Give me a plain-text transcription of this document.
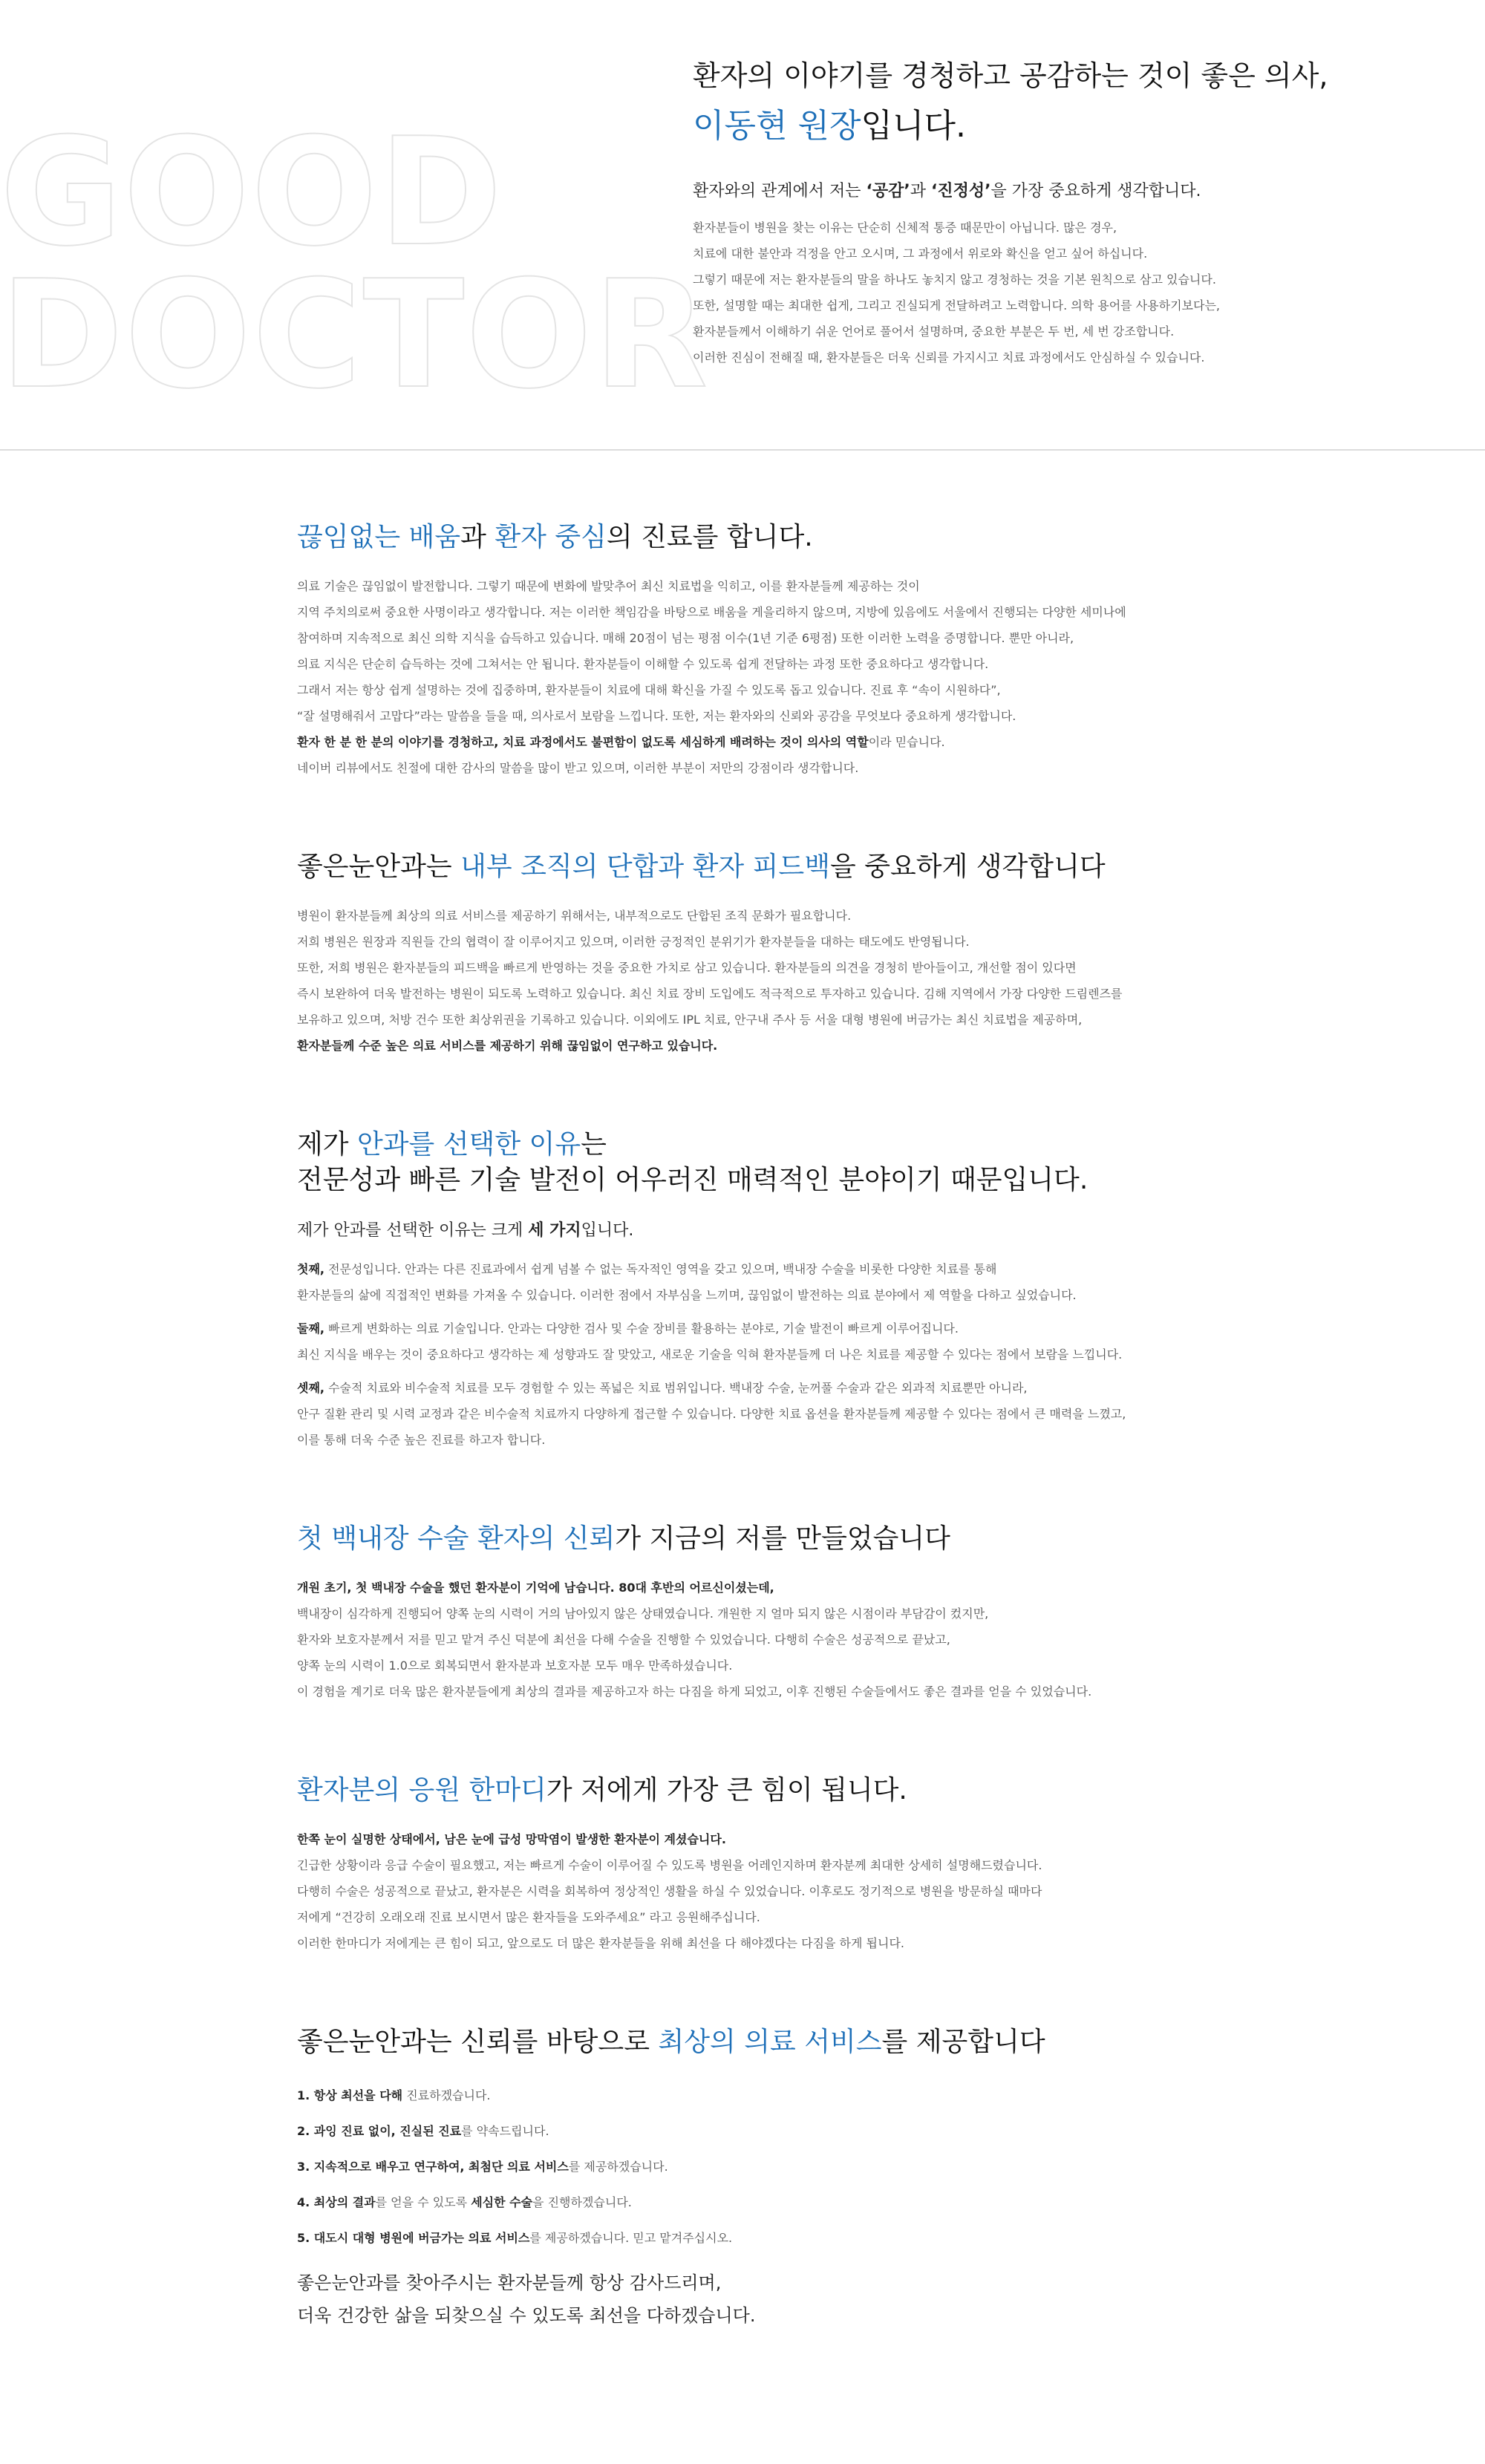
GOOD
DOCTOR

환자의 이야기를 경청하고 공감하는 것이 좋은 의사,

이동현 원장입니다.

환자와의 관계에서 저는 ‘공감’과 ‘진정성’을 가장 중요하게 생각합니다.

환자분들이 병원을 찾는 이유는 단순히 신체적 통증 때문만이 아닙니다. 많은 경우,

치료에 대한 불안과 걱정을 안고 오시며, 그 과정에서 위로와 확신을 얻고 싶어 하십니다.

그렇기 때문에 저는 환자분들의 말을 하나도 놓치지 않고 경청하는 것을 기본 원칙으로 삼고 있습니다.

또한, 설명할 때는 최대한 쉽게, 그리고 진실되게 전달하려고 노력합니다. 의학 용어를 사용하기보다는,

환자분들께서 이해하기 쉬운 언어로 풀어서 설명하며, 중요한 부분은 두 번, 세 번 강조합니다.

이러한 진심이 전해질 때, 환자분들은 더욱 신뢰를 가지시고 치료 과정에서도 안심하실 수 있습니다.

끊임없는 배움과 환자 중심의 진료를 합니다.

의료 기술은 끊임없이 발전합니다. 그렇기 때문에 변화에 발맞추어 최신 치료법을 익히고, 이를 환자분들께 제공하는 것이

지역 주치의로써 중요한 사명이라고 생각합니다. 저는 이러한 책임감을 바탕으로 배움을 게을리하지 않으며, 지방에 있음에도 서울에서 진행되는 다양한 세미나에

참여하며 지속적으로 최신 의학 지식을 습득하고 있습니다. 매해 20점이 넘는 평점 이수(1년 기준 6평점) 또한 이러한 노력을 증명합니다. 뿐만 아니라,

의료 지식은 단순히 습득하는 것에 그쳐서는 안 됩니다. 환자분들이 이해할 수 있도록 쉽게 전달하는 과정 또한 중요하다고 생각합니다.

그래서 저는 항상 쉽게 설명하는 것에 집중하며, 환자분들이 치료에 대해 확신을 가질 수 있도록 돕고 있습니다. 진료 후 “속이 시원하다”,

“잘 설명해줘서 고맙다”라는 말씀을 들을 때, 의사로서 보람을 느낍니다. 또한, 저는 환자와의 신뢰와 공감을 무엇보다 중요하게 생각합니다.

환자 한 분 한 분의 이야기를 경청하고, 치료 과정에서도 불편함이 없도록 세심하게 배려하는 것이 의사의 역할이라 믿습니다.

네이버 리뷰에서도 친절에 대한 감사의 말씀을 많이 받고 있으며, 이러한 부분이 저만의 강점이라 생각합니다.

좋은눈안과는 내부 조직의 단합과 환자 피드백을 중요하게 생각합니다

병원이 환자분들께 최상의 의료 서비스를 제공하기 위해서는, 내부적으로도 단합된 조직 문화가 필요합니다.

저희 병원은 원장과 직원들 간의 협력이 잘 이루어지고 있으며, 이러한 긍정적인 분위기가 환자분들을 대하는 태도에도 반영됩니다.

또한, 저희 병원은 환자분들의 피드백을 빠르게 반영하는 것을 중요한 가치로 삼고 있습니다. 환자분들의 의견을 경청히 받아들이고, 개선할 점이 있다면

즉시 보완하여 더욱 발전하는 병원이 되도록 노력하고 있습니다. 최신 치료 장비 도입에도 적극적으로 투자하고 있습니다. 김해 지역에서 가장 다양한 드림렌즈를

보유하고 있으며, 처방 건수 또한 최상위권을 기록하고 있습니다. 이외에도 IPL 치료, 안구내 주사 등 서울 대형 병원에 버금가는 최신 치료법을 제공하며,

환자분들께 수준 높은 의료 서비스를 제공하기 위해 끊임없이 연구하고 있습니다.

제가 안과를 선택한 이유는
전문성과 빠른 기술 발전이 어우러진 매력적인 분야이기 때문입니다.

제가 안과를 선택한 이유는 크게 세 가지입니다.

첫째, 전문성입니다. 안과는 다른 진료과에서 쉽게 넘볼 수 없는 독자적인 영역을 갖고 있으며, 백내장 수술을 비롯한 다양한 치료를 통해

환자분들의 삶에 직접적인 변화를 가져올 수 있습니다. 이러한 점에서 자부심을 느끼며, 끊임없이 발전하는 의료 분야에서 제 역할을 다하고 싶었습니다.

둘째, 빠르게 변화하는 의료 기술입니다. 안과는 다양한 검사 및 수술 장비를 활용하는 분야로, 기술 발전이 빠르게 이루어집니다.

최신 지식을 배우는 것이 중요하다고 생각하는 제 성향과도 잘 맞았고, 새로운 기술을 익혀 환자분들께 더 나은 치료를 제공할 수 있다는 점에서 보람을 느낍니다.

셋째, 수술적 치료와 비수술적 치료를 모두 경험할 수 있는 폭넓은 치료 범위입니다. 백내장 수술, 눈꺼풀 수술과 같은 외과적 치료뿐만 아니라,

안구 질환 관리 및 시력 교정과 같은 비수술적 치료까지 다양하게 접근할 수 있습니다. 다양한 치료 옵션을 환자분들께 제공할 수 있다는 점에서 큰 매력을 느꼈고,

이를 통해 더욱 수준 높은 진료를 하고자 합니다.

첫 백내장 수술 환자의 신뢰가 지금의 저를 만들었습니다

개원 초기, 첫 백내장 수술을 했던 환자분이 기억에 남습니다. 80대 후반의 어르신이셨는데,

백내장이 심각하게 진행되어 양쪽 눈의 시력이 거의 남아있지 않은 상태였습니다. 개원한 지 얼마 되지 않은 시점이라 부담감이 컸지만,

환자와 보호자분께서 저를 믿고 맡겨 주신 덕분에 최선을 다해 수술을 진행할 수 있었습니다. 다행히 수술은 성공적으로 끝났고,

양쪽 눈의 시력이 1.0으로 회복되면서 환자분과 보호자분 모두 매우 만족하셨습니다.

이 경험을 계기로 더욱 많은 환자분들에게 최상의 결과를 제공하고자 하는 다짐을 하게 되었고, 이후 진행된 수술들에서도 좋은 결과를 얻을 수 있었습니다.

환자분의 응원 한마디가 저에게 가장 큰 힘이 됩니다.

한쪽 눈이 실명한 상태에서, 남은 눈에 급성 망막염이 발생한 환자분이 계셨습니다.

긴급한 상황이라 응급 수술이 필요했고, 저는 빠르게 수술이 이루어질 수 있도록 병원을 어레인지하며 환자분께 최대한 상세히 설명해드렸습니다.

다행히 수술은 성공적으로 끝났고, 환자분은 시력을 회복하여 정상적인 생활을 하실 수 있었습니다. 이후로도 정기적으로 병원을 방문하실 때마다

저에게 “건강히 오래오래 진료 보시면서 많은 환자들을 도와주세요” 라고 응원해주십니다.

이러한 한마디가 저에게는 큰 힘이 되고, 앞으로도 더 많은 환자분들을 위해 최선을 다 해야겠다는 다짐을 하게 됩니다.

좋은눈안과는 신뢰를 바탕으로 최상의 의료 서비스를 제공합니다

1. 항상 최선을 다해 진료하겠습니다.

2. 과잉 진료 없이, 진실된 진료를 약속드립니다.

3. 지속적으로 배우고 연구하여, 최첨단 의료 서비스를 제공하겠습니다.

4. 최상의 결과를 얻을 수 있도록 세심한 수술을 진행하겠습니다.

5. 대도시 대형 병원에 버금가는 의료 서비스를 제공하겠습니다. 믿고 맡겨주십시오.

좋은눈안과를 찾아주시는 환자분들께 항상 감사드리며,

더욱 건강한 삶을 되찾으실 수 있도록 최선을 다하겠습니다.
